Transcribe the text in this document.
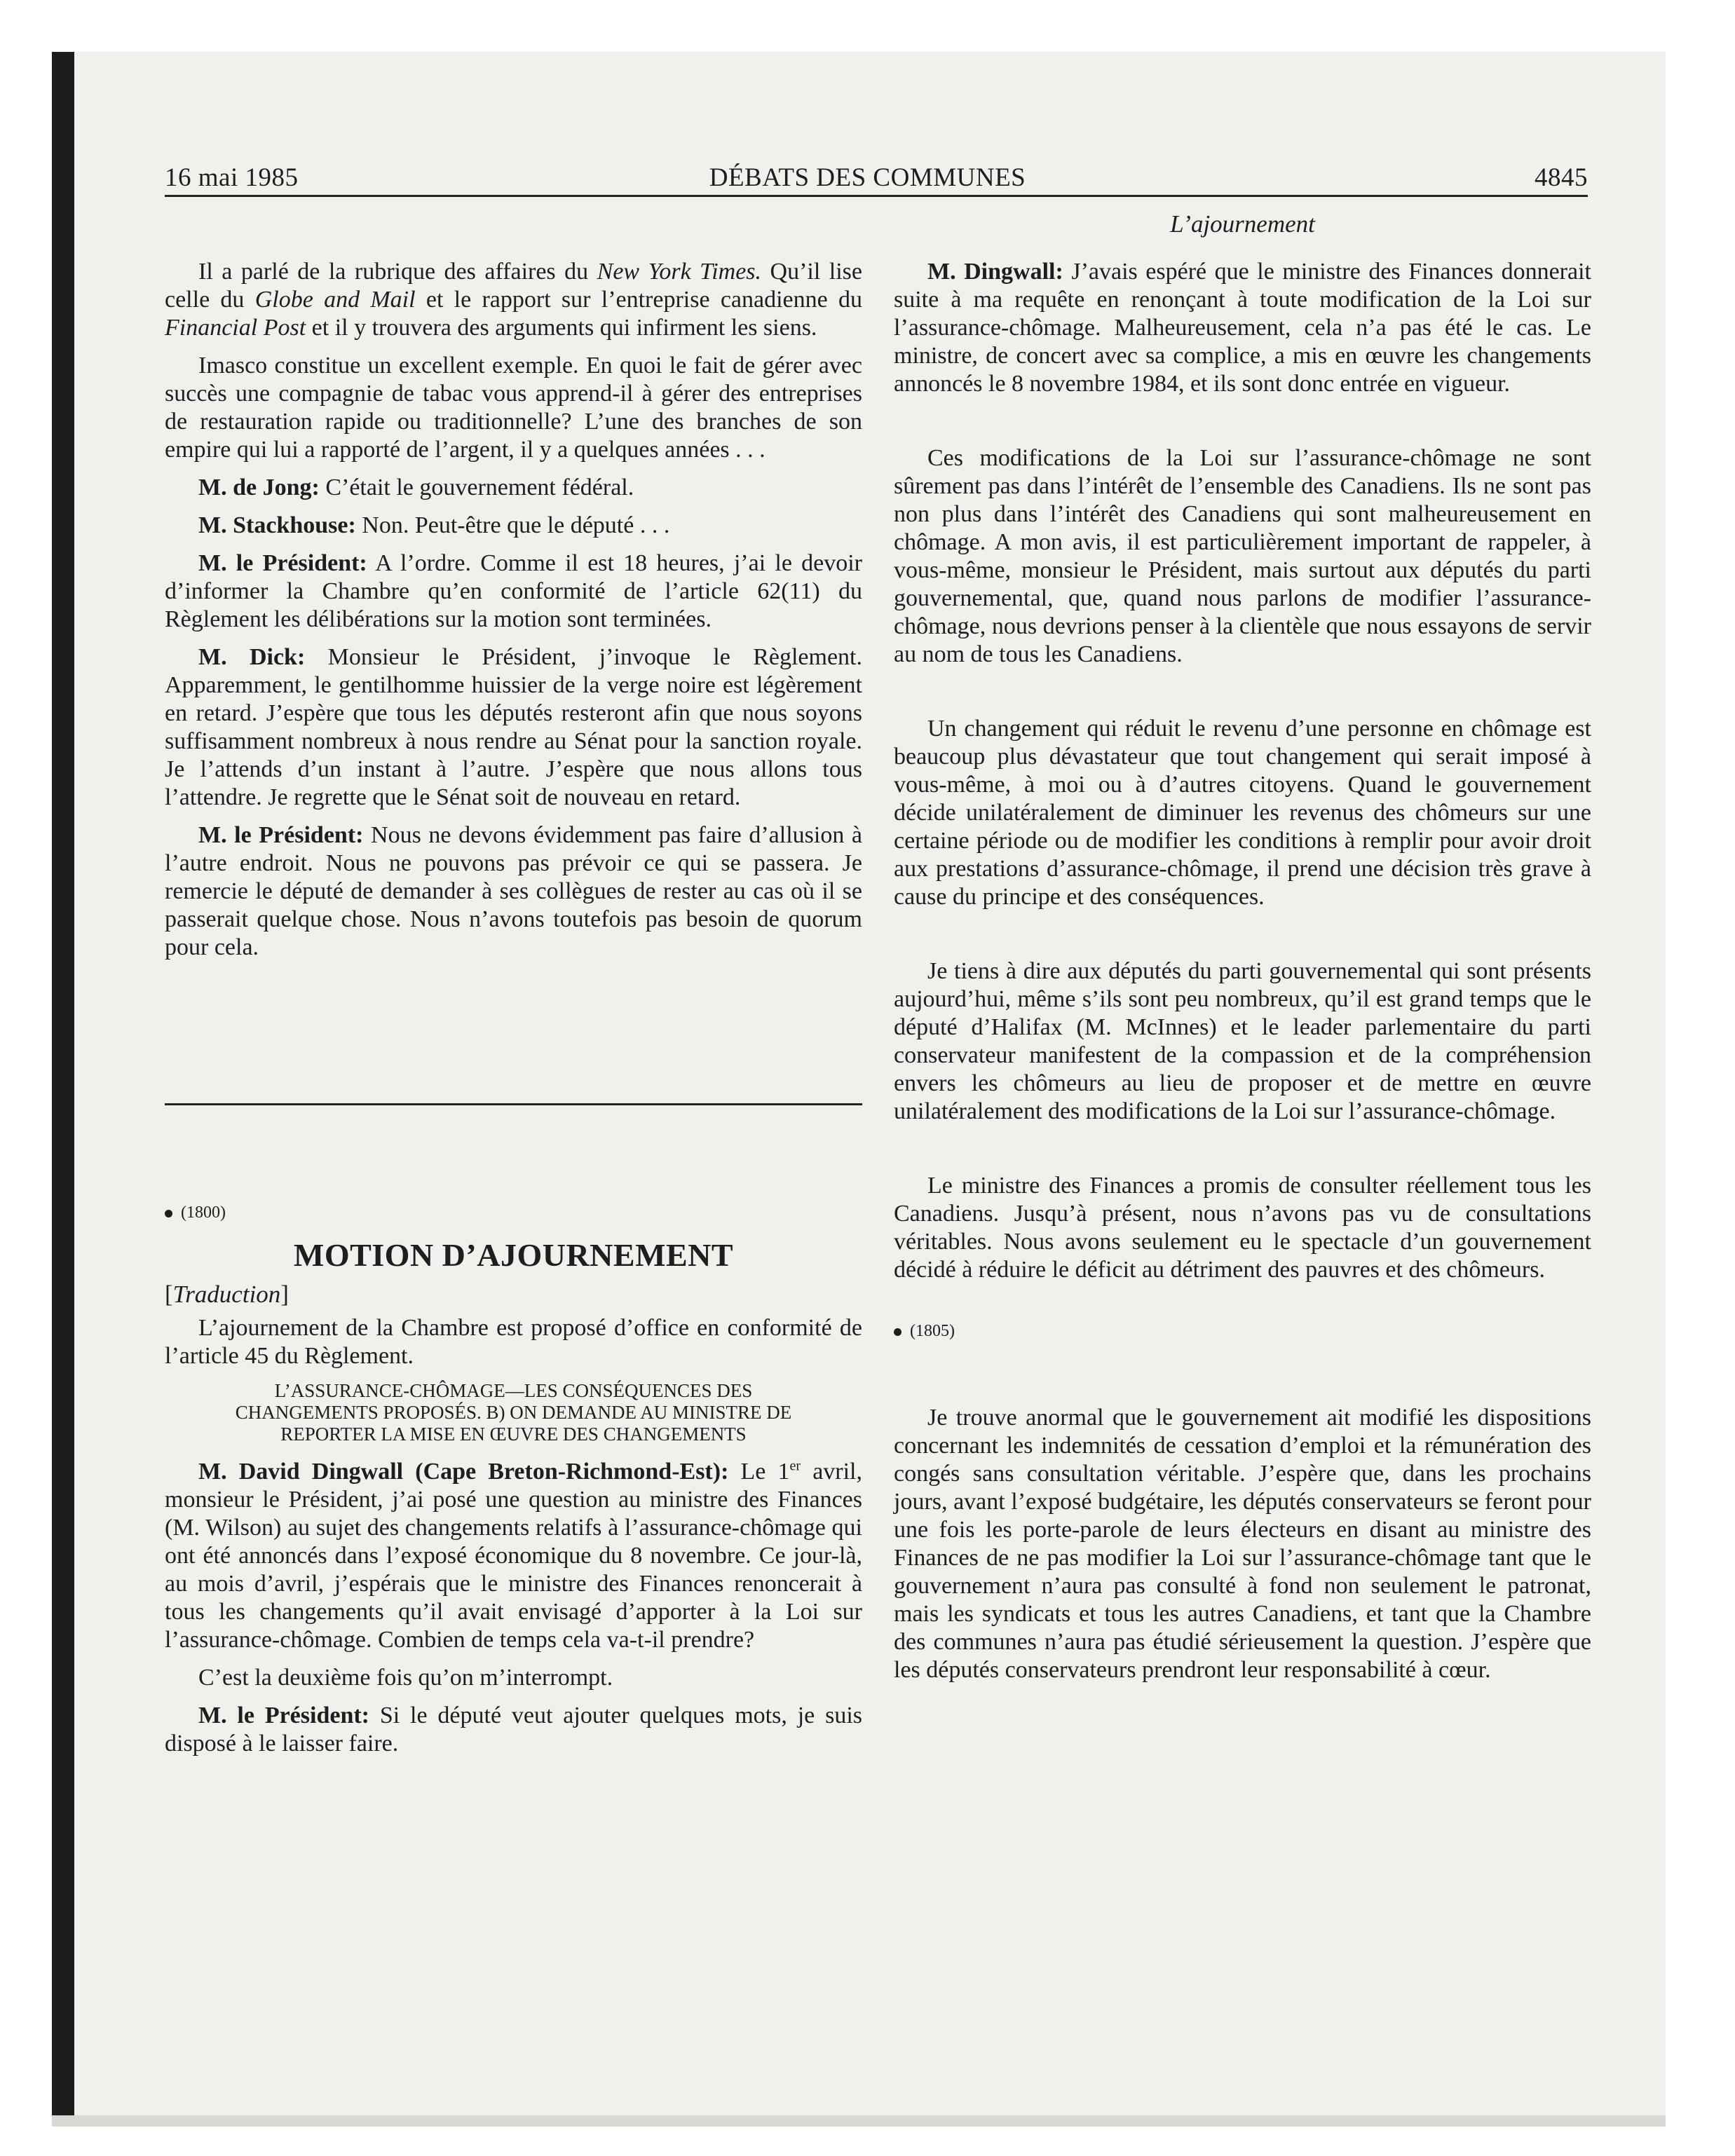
16 mai 1985	DÉBATS DES COMMUNES	4845

Il a parlé de la rubrique des affaires du New York Times. Qu’il lise celle du Globe and Mail et le rapport sur l’entreprise canadienne du Financial Post et il y trouvera des arguments qui infirment les siens.

Imasco constitue un excellent exemple. En quoi le fait de gérer avec succès une compagnie de tabac vous apprend-il à gérer des entreprises de restauration rapide ou traditionnelle? L’une des branches de son empire qui lui a rapporté de l’argent, il y a quelques années . . .

M. de Jong: C’était le gouvernement fédéral.

M. Stackhouse: Non. Peut-être que le député . . .

M. le Président: A l’ordre. Comme il est 18 heures, j’ai le devoir d’informer la Chambre qu’en conformité de l’article 62(11) du Règlement les délibérations sur la motion sont terminées.

M. Dick: Monsieur le Président, j’invoque le Règlement. Apparemment, le gentilhomme huissier de la verge noire est légèrement en retard. J’espère que tous les députés resteront afin que nous soyons suffisamment nombreux à nous rendre au Sénat pour la sanction royale. Je l’attends d’un instant à l’autre. J’espère que nous allons tous l’attendre. Je regrette que le Sénat soit de nouveau en retard.

M. le Président: Nous ne devons évidemment pas faire d’allusion à l’autre endroit. Nous ne pouvons pas prévoir ce qui se passera. Je remercie le député de demander à ses collègues de rester au cas où il se passerait quelque chose. Nous n’avons toutefois pas besoin de quorum pour cela.

(1800)
MOTION D’AJOURNEMENT
[Traduction]

L’ajournement de la Chambre est proposé d’office en conformité de l’article 45 du Règlement.

L’ASSURANCE-CHÔMAGE—LES CONSÉQUENCES DES CHANGEMENTS PROPOSÉS. B) ON DEMANDE AU MINISTRE DE REPORTER LA MISE EN ŒUVRE DES CHANGEMENTS

M. David Dingwall (Cape Breton-Richmond-Est): Le 1er avril, monsieur le Président, j’ai posé une question au ministre des Finances (M. Wilson) au sujet des changements relatifs à l’assurance-chômage qui ont été annoncés dans l’exposé économique du 8 novembre. Ce jour-là, au mois d’avril, j’espérais que le ministre des Finances renoncerait à tous les changements qu’il avait envisagé d’apporter à la Loi sur l’assurance-chômage. Combien de temps cela va-t-il prendre?

C’est la deuxième fois qu’on m’interrompt.

M. le Président: Si le député veut ajouter quelques mots, je suis disposé à le laisser faire.

L’ajournement

M. Dingwall: J’avais espéré que le ministre des Finances donnerait suite à ma requête en renonçant à toute modification de la Loi sur l’assurance-chômage. Malheureusement, cela n’a pas été le cas. Le ministre, de concert avec sa complice, a mis en œuvre les changements annoncés le 8 novembre 1984, et ils sont donc entrée en vigueur.

Ces modifications de la Loi sur l’assurance-chômage ne sont sûrement pas dans l’intérêt de l’ensemble des Canadiens. Ils ne sont pas non plus dans l’intérêt des Canadiens qui sont malheureusement en chômage. A mon avis, il est particulièrement important de rappeler, à vous-même, monsieur le Président, mais surtout aux députés du parti gouvernemental, que, quand nous parlons de modifier l’assurance-chômage, nous devrions penser à la clientèle que nous essayons de servir au nom de tous les Canadiens.

Un changement qui réduit le revenu d’une personne en chômage est beaucoup plus dévastateur que tout changement qui serait imposé à vous-même, à moi ou à d’autres citoyens. Quand le gouvernement décide unilatéralement de diminuer les revenus des chômeurs sur une certaine période ou de modifier les conditions à remplir pour avoir droit aux prestations d’assurance-chômage, il prend une décision très grave à cause du principe et des conséquences.

Je tiens à dire aux députés du parti gouvernemental qui sont présents aujourd’hui, même s’ils sont peu nombreux, qu’il est grand temps que le député d’Halifax (M. McInnes) et le leader parlementaire du parti conservateur manifestent de la compassion et de la compréhension envers les chômeurs au lieu de proposer et de mettre en œuvre unilatéralement des modifications de la Loi sur l’assurance-chômage.

Le ministre des Finances a promis de consulter réellement tous les Canadiens. Jusqu’à présent, nous n’avons pas vu de consultations véritables. Nous avons seulement eu le spectacle d’un gouvernement décidé à réduire le déficit au détriment des pauvres et des chômeurs.

(1805)

Je trouve anormal que le gouvernement ait modifié les dispositions concernant les indemnités de cessation d’emploi et la rémunération des congés sans consultation véritable. J’espère que, dans les prochains jours, avant l’exposé budgétaire, les députés conservateurs se feront pour une fois les porte-parole de leurs électeurs en disant au ministre des Finances de ne pas modifier la Loi sur l’assurance-chômage tant que le gouvernement n’aura pas consulté à fond non seulement le patronat, mais les syndicats et tous les autres Canadiens, et tant que la Chambre des communes n’aura pas étudié sérieusement la question. J’espère que les députés conservateurs prendront leur responsabilité à cœur.
